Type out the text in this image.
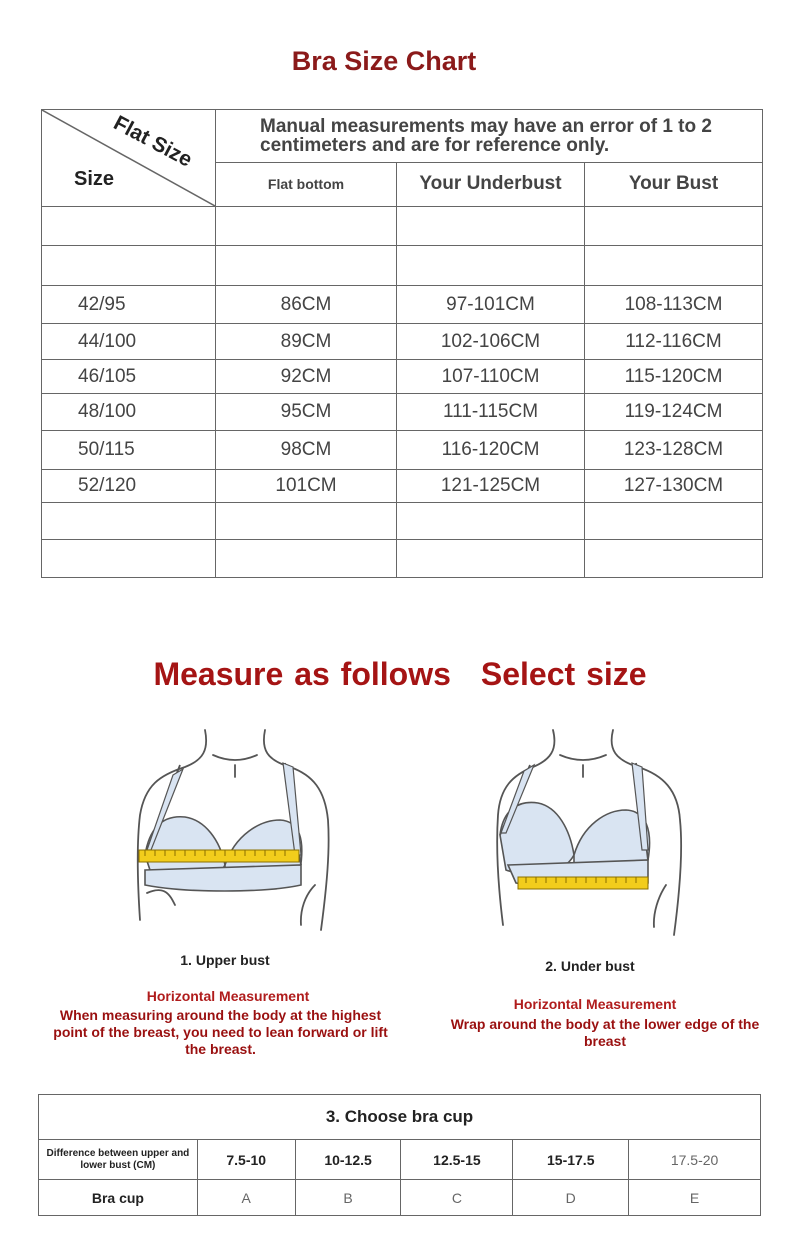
Bra Size Chart
Flat Size
Size	Manual measurements may have an error of 1 to 2 centimeters and are for reference only.		
	Flat bottom	Your Underbust	Your Bust

42/95	86CM	97-101CM	108-113CM
44/100	89CM	102-106CM	112-116CM
46/105	92CM	107-110CM	115-120CM
48/100	95CM	111-115CM	119-124CM
50/115	98CM	116-120CM	123-128CM
52/120	101CM	121-125CM	127-130CM

Measure as follows Select size
1. Upper bust	2. Under bust
Horizontal Measurement
When measuring around the body at the highest point of the breast, you need to lean forward or lift the breast.
Horizontal Measurement
Wrap around the body at the lower edge of the breast
3. Choose bra cup					
Difference between upper and lower bust (CM)	7.5-10	10-12.5	12.5-15	15-17.5	17.5-20
Bra cup	A	B	C	D	E
